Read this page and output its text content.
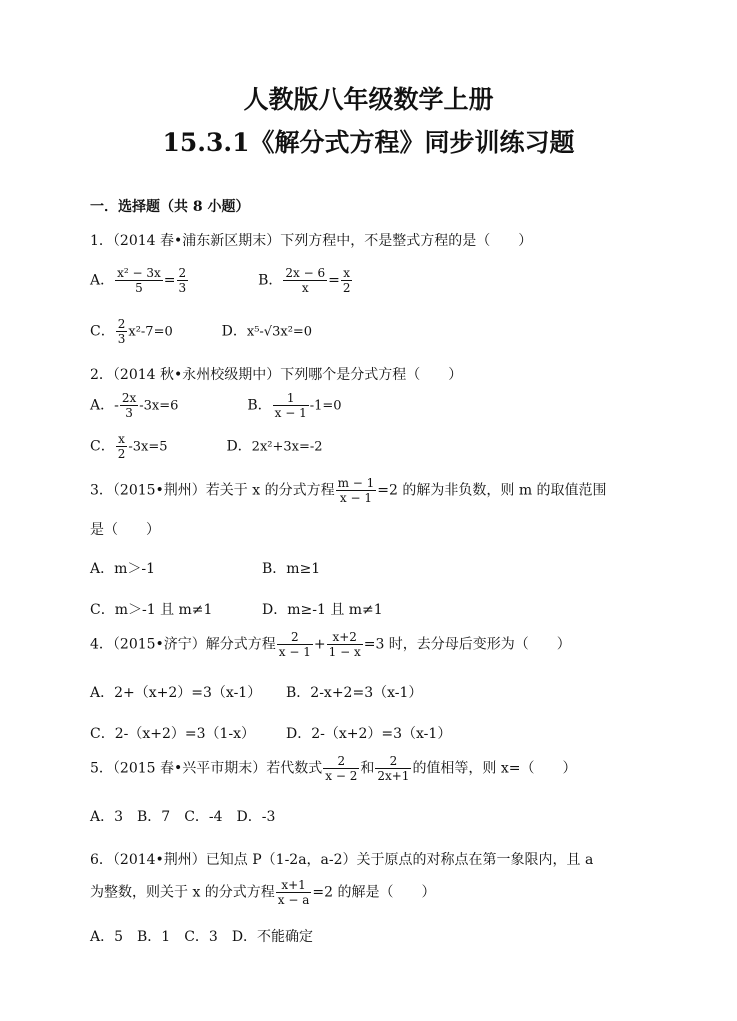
人教版八年级数学上册
15.3.1《解分式方程》同步训练习题
一．选择题（共 8 小题）
1．（2014 春•浦东新区期末）下列方程中，不是整式方程的是（　　）
A． $\frac{\text{x² − 3x}}{5} = \frac{2}{3}$	B． $\frac{2x - 6}{x} = \frac{x}{2}$
C． $\frac{2}{3} x^2-7=0$	D．x⁵-√3x²=0
2．（2014 秋•永州校级期中）下列哪个是分式方程（　　）
A．- $\frac{2x}{3} -3x=6$	B． $\frac{1}{x - 1} -1=0$
C． $\frac{x}{2} -3x=5$	D．2x²+3x=-2
3．（2015•荆州）若关于 x 的分式方程 $\frac{m - 1}{x - 1} =2$ 的解为非负数，则 m 的取值范围
是（　　）
A．m＞-1	B．m≥1
C．m＞-1 且 m≠1	D．m≥-1 且 m≠1
4．（2015•济宁）解分式方程 $\frac{2}{x - 1} + \frac{x+2}{1 - x} =3$ 时，去分母后变形为（　　）
A．2+（x+2）=3（x-1） B．2-x+2=3（x-1）
C．2-（x+2）=3（1-x） D．2-（x+2）=3（x-1）
5．（2015 春•兴平市期末）若代数式 $\frac{2}{x - 2}$ 和 $\frac{2}{2x+1}$ 的值相等，则 x=（　　）
A．3　B．7　C．-4　D．-3
6．（2014•荆州）已知点 P（1-2a，a-2）关于原点的对称点在第一象限内，且 a
为整数，则关于 x 的分式方程 $\frac{x+1}{x - a} =2$ 的解是（　　）
A．5　B．1　C．3　D．不能确定
